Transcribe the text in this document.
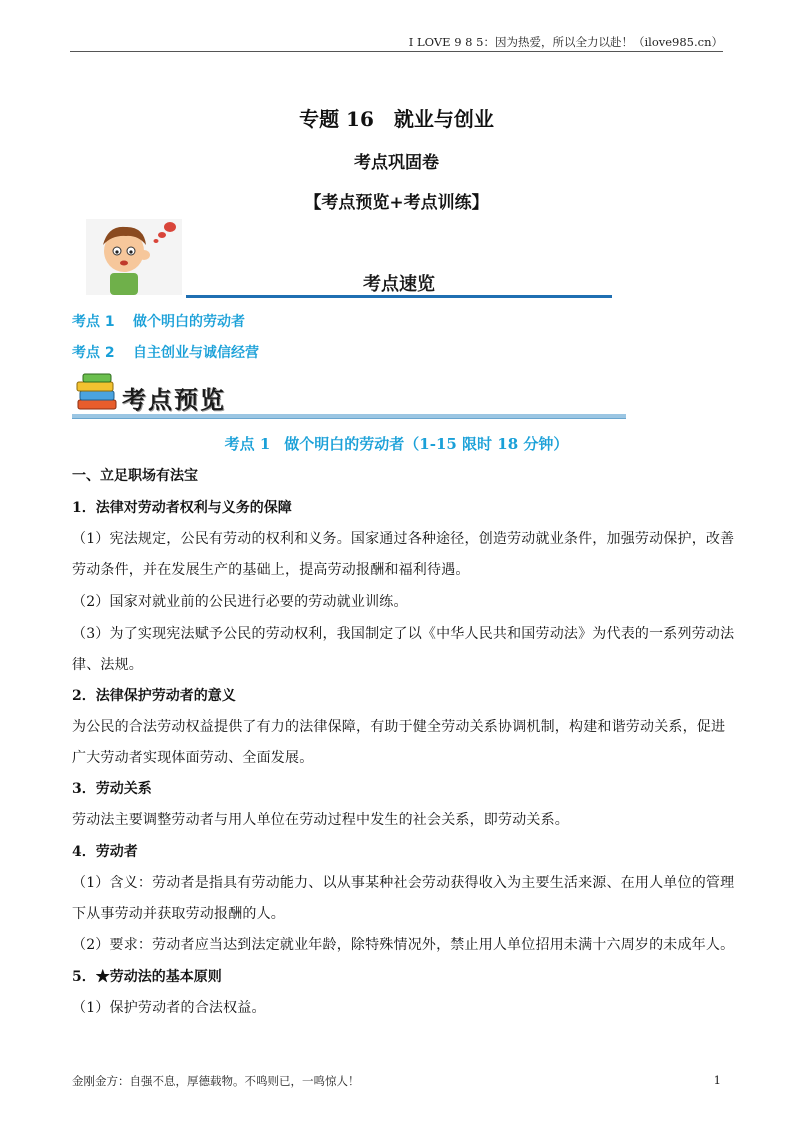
I LOVE 9 8 5：因为热爱，所以全力以赴！（ilove985.cn）
专题 16　就业与创业
考点巩固卷
【考点预览+考点训练】
考点速览
考点 1 做个明白的劳动者
考点 2 自主创业与诚信经营
考点预览
考点 1 做个明白的劳动者（1-15 限时 18 分钟）
一、立足职场有法宝
1．法律对劳动者权利与义务的保障
（1）宪法规定，公民有劳动的权利和义务。国家通过各种途径，创造劳动就业条件，加强劳动保护，改善
劳动条件，并在发展生产的基础上，提高劳动报酬和福利待遇。
（2）国家对就业前的公民进行必要的劳动就业训练。
（3）为了实现宪法赋予公民的劳动权利，我国制定了以《中华人民共和国劳动法》为代表的一系列劳动法
律、法规。
2．法律保护劳动者的意义
为公民的合法劳动权益提供了有力的法律保障，有助于健全劳动关系协调机制，构建和谐劳动关系，促进
广大劳动者实现体面劳动、全面发展。
3．劳动关系
劳动法主要调整劳动者与用人单位在劳动过程中发生的社会关系，即劳动关系。
4．劳动者
（1）含义：劳动者是指具有劳动能力、以从事某种社会劳动获得收入为主要生活来源、在用人单位的管理
下从事劳动并获取劳动报酬的人。
（2）要求：劳动者应当达到法定就业年龄，除特殊情况外，禁止用人单位招用未满十六周岁的未成年人。
5．★劳动法的基本原则
（1）保护劳动者的合法权益。
金刚金方：自强不息，厚德载物。不鸣则已，一鸣惊人！	1
